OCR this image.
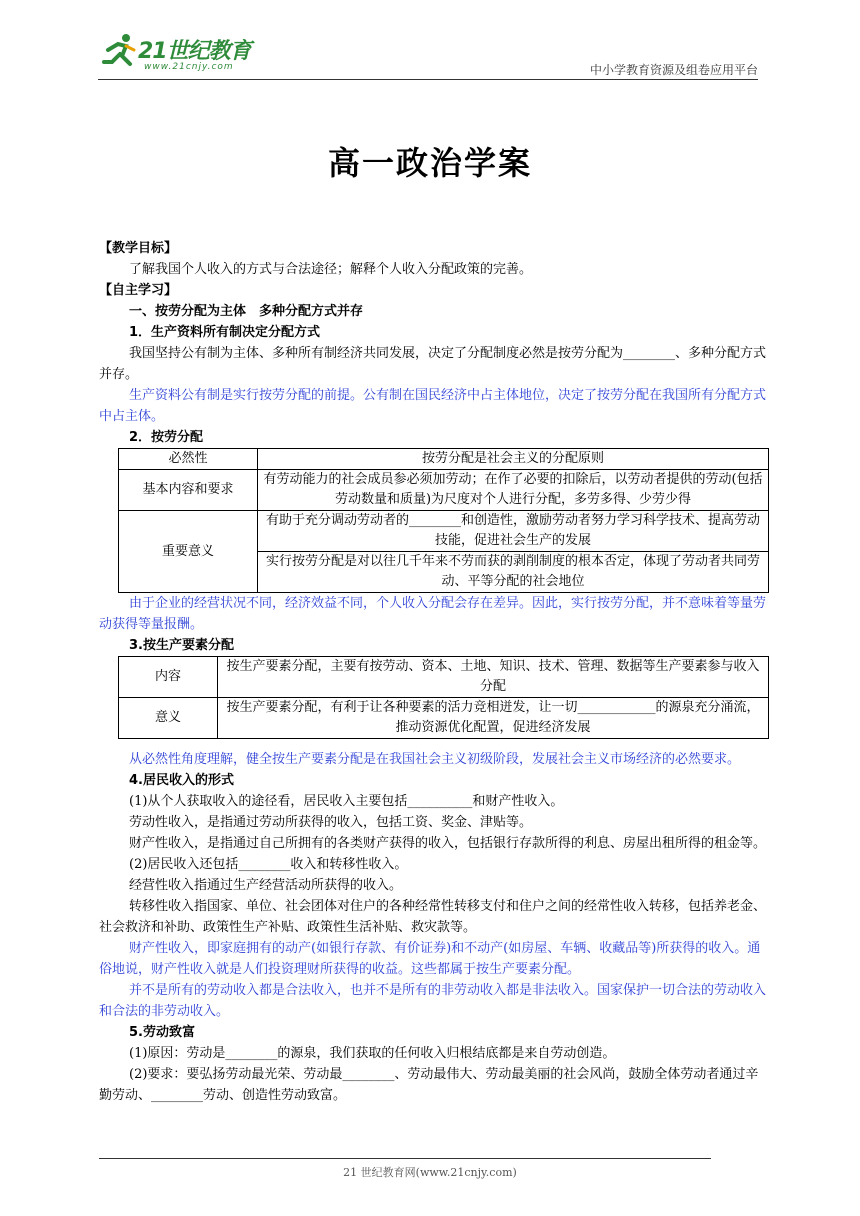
21世纪教育
www.21cnjy.com	中小学教育资源及组卷应用平台
高一政治学案

【教学目标】

了解我国个人收入的方式与合法途径；解释个人收入分配政策的完善。

【自主学习】

一、按劳分配为主体　多种分配方式并存

1．生产资料所有制决定分配方式

我国坚持公有制为主体、多种所有制经济共同发展，决定了分配制度必然是按劳分配为________、多种分配方式并存。

生产资料公有制是实行按劳分配的前提。公有制在国民经济中占主体地位，决定了按劳分配在我国所有分配方式中占主体。

2．按劳分配

必然性	按劳分配是社会主义的分配原则
基本内容和要求	有劳动能力的社会成员参必须加劳动；在作了必要的扣除后，以劳动者提供的劳动(包括劳动数量和质量)为尺度对个人进行分配，多劳多得、少劳少得
重要意义	有助于充分调动劳动者的________和创造性，激励劳动者努力学习科学技术、提高劳动技能，促进社会生产的发展
	实行按劳分配是对以往几千年来不劳而获的剥削制度的根本否定，体现了劳动者共同劳动、平等分配的社会地位

由于企业的经营状况不同，经济效益不同，个人收入分配会存在差异。因此，实行按劳分配，并不意味着等量劳动获得等量报酬。

3.按生产要素分配

内容	按生产要素分配，主要有按劳动、资本、土地、知识、技术、管理、数据等生产要素参与收入分配
意义	按生产要素分配，有利于让各种要素的活力竞相迸发，让一切____________的源泉充分涌流，推动资源优化配置，促进经济发展

从必然性角度理解，健全按生产要素分配是在我国社会主义初级阶段，发展社会主义市场经济的必然要求。

4.居民收入的形式

(1)从个人获取收入的途径看，居民收入主要包括__________和财产性收入。

劳动性收入，是指通过劳动所获得的收入，包括工资、奖金、津贴等。

财产性收入，是指通过自己所拥有的各类财产获得的收入，包括银行存款所得的利息、房屋出租所得的租金等。

(2)居民收入还包括________收入和转移性收入。

经营性收入指通过生产经营活动所获得的收入。

转移性收入指国家、单位、社会团体对住户的各种经常性转移支付和住户之间的经常性收入转移，包括养老金、社会救济和补助、政策性生产补贴、政策性生活补贴、救灾款等。

财产性收入，即家庭拥有的动产(如银行存款、有价证券)和不动产(如房屋、车辆、收藏品等)所获得的收入。通俗地说，财产性收入就是人们投资理财所获得的收益。这些都属于按生产要素分配。

并不是所有的劳动收入都是合法收入，也并不是所有的非劳动收入都是非法收入。国家保护一切合法的劳动收入和合法的非劳动收入。

5.劳动致富

(1)原因：劳动是________的源泉，我们获取的任何收入归根结底都是来自劳动创造。

(2)要求：要弘扬劳动最光荣、劳动最________、劳动最伟大、劳动最美丽的社会风尚，鼓励全体劳动者通过辛勤劳动、________劳动、创造性劳动致富。

21 世纪教育网(www.21cnjy.com)
